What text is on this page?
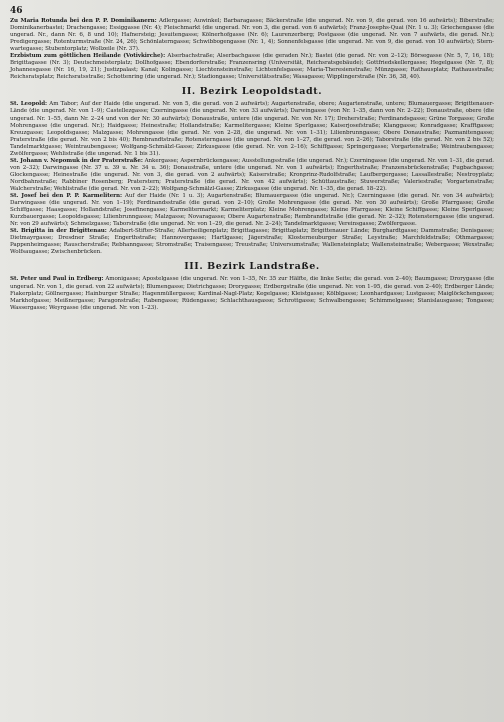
46

Zu Maria Rotunda bei den P. P. Dominikanern: Adlergasse; Auwinkel; Barbaragasse; Bäckerstraße (die ungerad. Nr. von 9, die gerad. von 16 aufwärts); Biberstraße; Dominikanerbastei; Drachengasse; Essiggasse (Nr. 4); Fleischmarkt (die ungerad. Nr. von 3, die gerad. von 6 aufwärts); Franz-Josephs-Quai (Nr. 1 u. 3); Griechengasse (die ungerad. Nr., dann Nr. 6, 8 und 10); Hafnersteig; Jesuitengasse; Kölnerhofgasse (Nr. 6); Laurenzerberg; Postgasse (die ungerad. Nr. von 7 aufwärts, die gerad. Nr.); Predigergasse; Rotenturmstraße (Nr. 24, 26); Schönlaterngasse; Schwibbogengasse (Nr. 1, 4); Sonnenfelsgasse (die ungerad. Nr. von 9, die gerad. von 10 aufwärts); Stern-wartegasse; Stubentorplatz; Wollzeile (Nr. 37).

Erzbistum zum göttlichen Heilande (Votivkirche): Alserbachstraße; Alserbachgasse (die geraden Nr.); Bastei (die gerad. Nr. von 2–12); Börsegasse (Nr. 5, 7, 16, 18); Brigittagasse (Nr. 3); Deutschmeisterplatz; Dollhofgasse; Ebendorferstraße; Franzensring (Universität, Reichsratsgebäude); Gottfriedskellergasse; Hegelgasse (Nr. 7, 8); Johannesgasse (Nr. 16, 19, 21); Justizpalast; Kanal; Kolingasse; Liechtensteinstraße; Lichtenfelsgasse; Maria-Theresienstraße; Münzgasse; Rathausplatz; Rathausstraße; Reichsratsplatz; Reichsratsstraße; Schottenring (die ungerad. Nr.); Stadiongasse; Universitätsstraße; Wasagasse; Wipplingerstraße (Nr. 36, 38, 40).

II. Bezirk Leopoldstadt.

St. Leopold: Am Tabor; Auf der Haide (die ungerad. Nr. von 5, die gerad. von 2 aufwärts); Augartenstraße, obere; Augartenstraße, untere; Blumauergasse; Brigittenauer-Lände (die ungerad. Nr. von 1–9); Castellezgasse; Czerningasse (die ungerad. Nr. von 33 aufwärts); Darwingasse (von Nr. 1–35, dann von Nr. 2–22); Donaustraße, obere (die ungerad. Nr. 1–55, dann Nr. 2–24 und von der Nr. 30 aufwärts); Donaustraße, untere (die ungerad. Nr. von Nr. 17); Dreherstraße; Ferdinandsgasse; Grüne Torgasse; Große Mohrengasse (die ungerad. Nr.); Haidgasse; Heinestraße; Hollandstraße; Karmelitergasse; Kleine Sperlgasse; Kaiserjosefstraße; Klanggasse; Konradgasse; Krafftgasse; Kreuzgasse; Leopoldsgasse; Malzgasse; Mohrengasse (die gerad. Nr. von 2–28, die ungerad. Nr. von 1–31); Lilienbrunngasse; Obere Donaustraße; Pazmanitengasse; Praterstraße (die gerad. Nr. von 2 bis 40); Rembrandtstraße; Rotensterngasse (die ungerad. Nr. von 1–27, die gerad. von 2–26); Taborstraße (die gerad. Nr. von 2 bis 52); Tandelmarktgasse; Weintraubengasse; Wolfgang-Schmälzl-Gasse; Zirkusgasse (die gerad. Nr. von 2–16); Schiffgasse; Springergasse; Vorgartenstraße; Weintraubengasse; Zwölfergasse; Wehlistraße (die ungerad. Nr. 1 bis 31).

St. Johann v. Nepomuk in der Praterstraße: Ankergasse; Aspernbrückengasse; Ausstellungsstraße (die ungerad. Nr.); Czerningasse (die ungerad. Nr. von 1–31, die gerad. von 2–32); Darwingasse (Nr. 37 u. 39 u. Nr. 34 u. 36); Donaustraße, untere (die ungerad. Nr. von 1 aufwärts); Engerthstraße; Franzensbrückenstraße; Fugbachgasse; Glockengasse; Heinestraße (die ungerad. Nr. von 3, die gerad. von 2 aufwärts); Kaiserstraße; Kronprinz-Rudolfstraße; Laufbergergasse; Lassallestraße; Nestroyplatz; Nordbahnstraße; Rabbiner Rosenberg; Praterstern; Praterstraße (die gerad. Nr. von 42 aufwärts); Schüttaustraße; Stuwerstraße; Valeriestraße; Vorgartenstraße; Walcherstraße; Wehlistraße (die gerad. Nr. von 2–22); Wolfgang-Schmälzl-Gasse; Zirkusgasse (die ungerad. Nr. 1–35, die gerad. 18–22).

St. Josef bei den P. P. Karmelitern: Auf der Haide (Nr. 1 u. 3); Augartenstraße; Blumauergasse (die ungerad. Nr.); Czerningasse (die gerad. Nr. von 34 aufwärts); Darwingasse (die ungerad. Nr. von 1–19); Ferdinandsstraße (die gerad. von 2–10); Große Mohrengasse (die gerad. Nr. von 30 aufwärts); Große Pfarrgasse; Große Schiffgasse; Haasgasse; Hollandstraße; Josefinengasse; Karmelitermarkt; Karmeliterplatz; Kleine Mohrengasse; Kleine Pfarrgasse; Kleine Schiffgasse; Kleine Sperlgasse; Kurzbauergasse; Leopoldsgasse; Lilienbrunngasse; Malzgasse; Novaragasse; Obere Augartenstraße; Rembrandtstraße (die gerad. Nr. 2–32); Rotensterngasse (die ungerad. Nr. von 29 aufwärts); Schmelzgasse; Taborstraße (die ungerad. Nr. von 1–29, die gerad. Nr. 2–24); Tandelmarktgasse; Vereinsgasse; Zwölfergasse.

St. Brigitta in der Brigittenau: Adalbert-Stifter-Straße; Allerheiligenplatz; Brigittagasse; Brigittaplatz; Brigittenauer Lände; Burghardtgasse; Dammstraße; Denisgasse; Dietmayrgasse; Dresdner Straße; Engerthstraße; Hannovergasse; Hartlgasse; Jägerstraße; Klosterneuburger Straße; Leystraße; Marchfeldstraße; Othmargasse; Pappenheimgasse; Rauscherstraße; Rebhanngasse; Stromstraße; Traisengasse; Treustraße; Universumstraße; Wallensteinplatz; Wallensteinstraße; Webergasse; Wexstraße; Wolfsaugasse; Zwischenbrücken.

III. Bezirk Landstraße.

St. Peter und Paul in Erdberg: Amonigasse; Apostelgasse (die ungerad. Nr. von 1–35, Nr. 35 zur Hälfte, die linke Seite; die gerad. von 2–40); Baumgasse; Drorygasse (die ungerad. Nr. von 1, die gerad. von 22 aufwärts); Blumengasse; Dietrichgasse; Drorygasse; Erdbergstraße (die ungerad. Nr. von 1–95, die gerad. von 2–40); Erdberger Lände; Fiakerplatz; Göllnergasse; Hainburger Straße; Hagenmüllergasse; Kardinal-Nagl-Platz; Kegelgasse; Kleistgasse; Kölblgasse; Leonhardgasse; Lustgasse; Maiglöckchengasse; Markhofgasse; Meißnergasse; Paragonstraße; Rabengasse; Rüdengasse; Schlachthausgasse; Schrottgasse; Schwalbengasse; Schimmelgasse; Stanislausgasse; Tongasse; Wassergasse; Weyrgasse (die ungerad. Nr. von 1–23).
